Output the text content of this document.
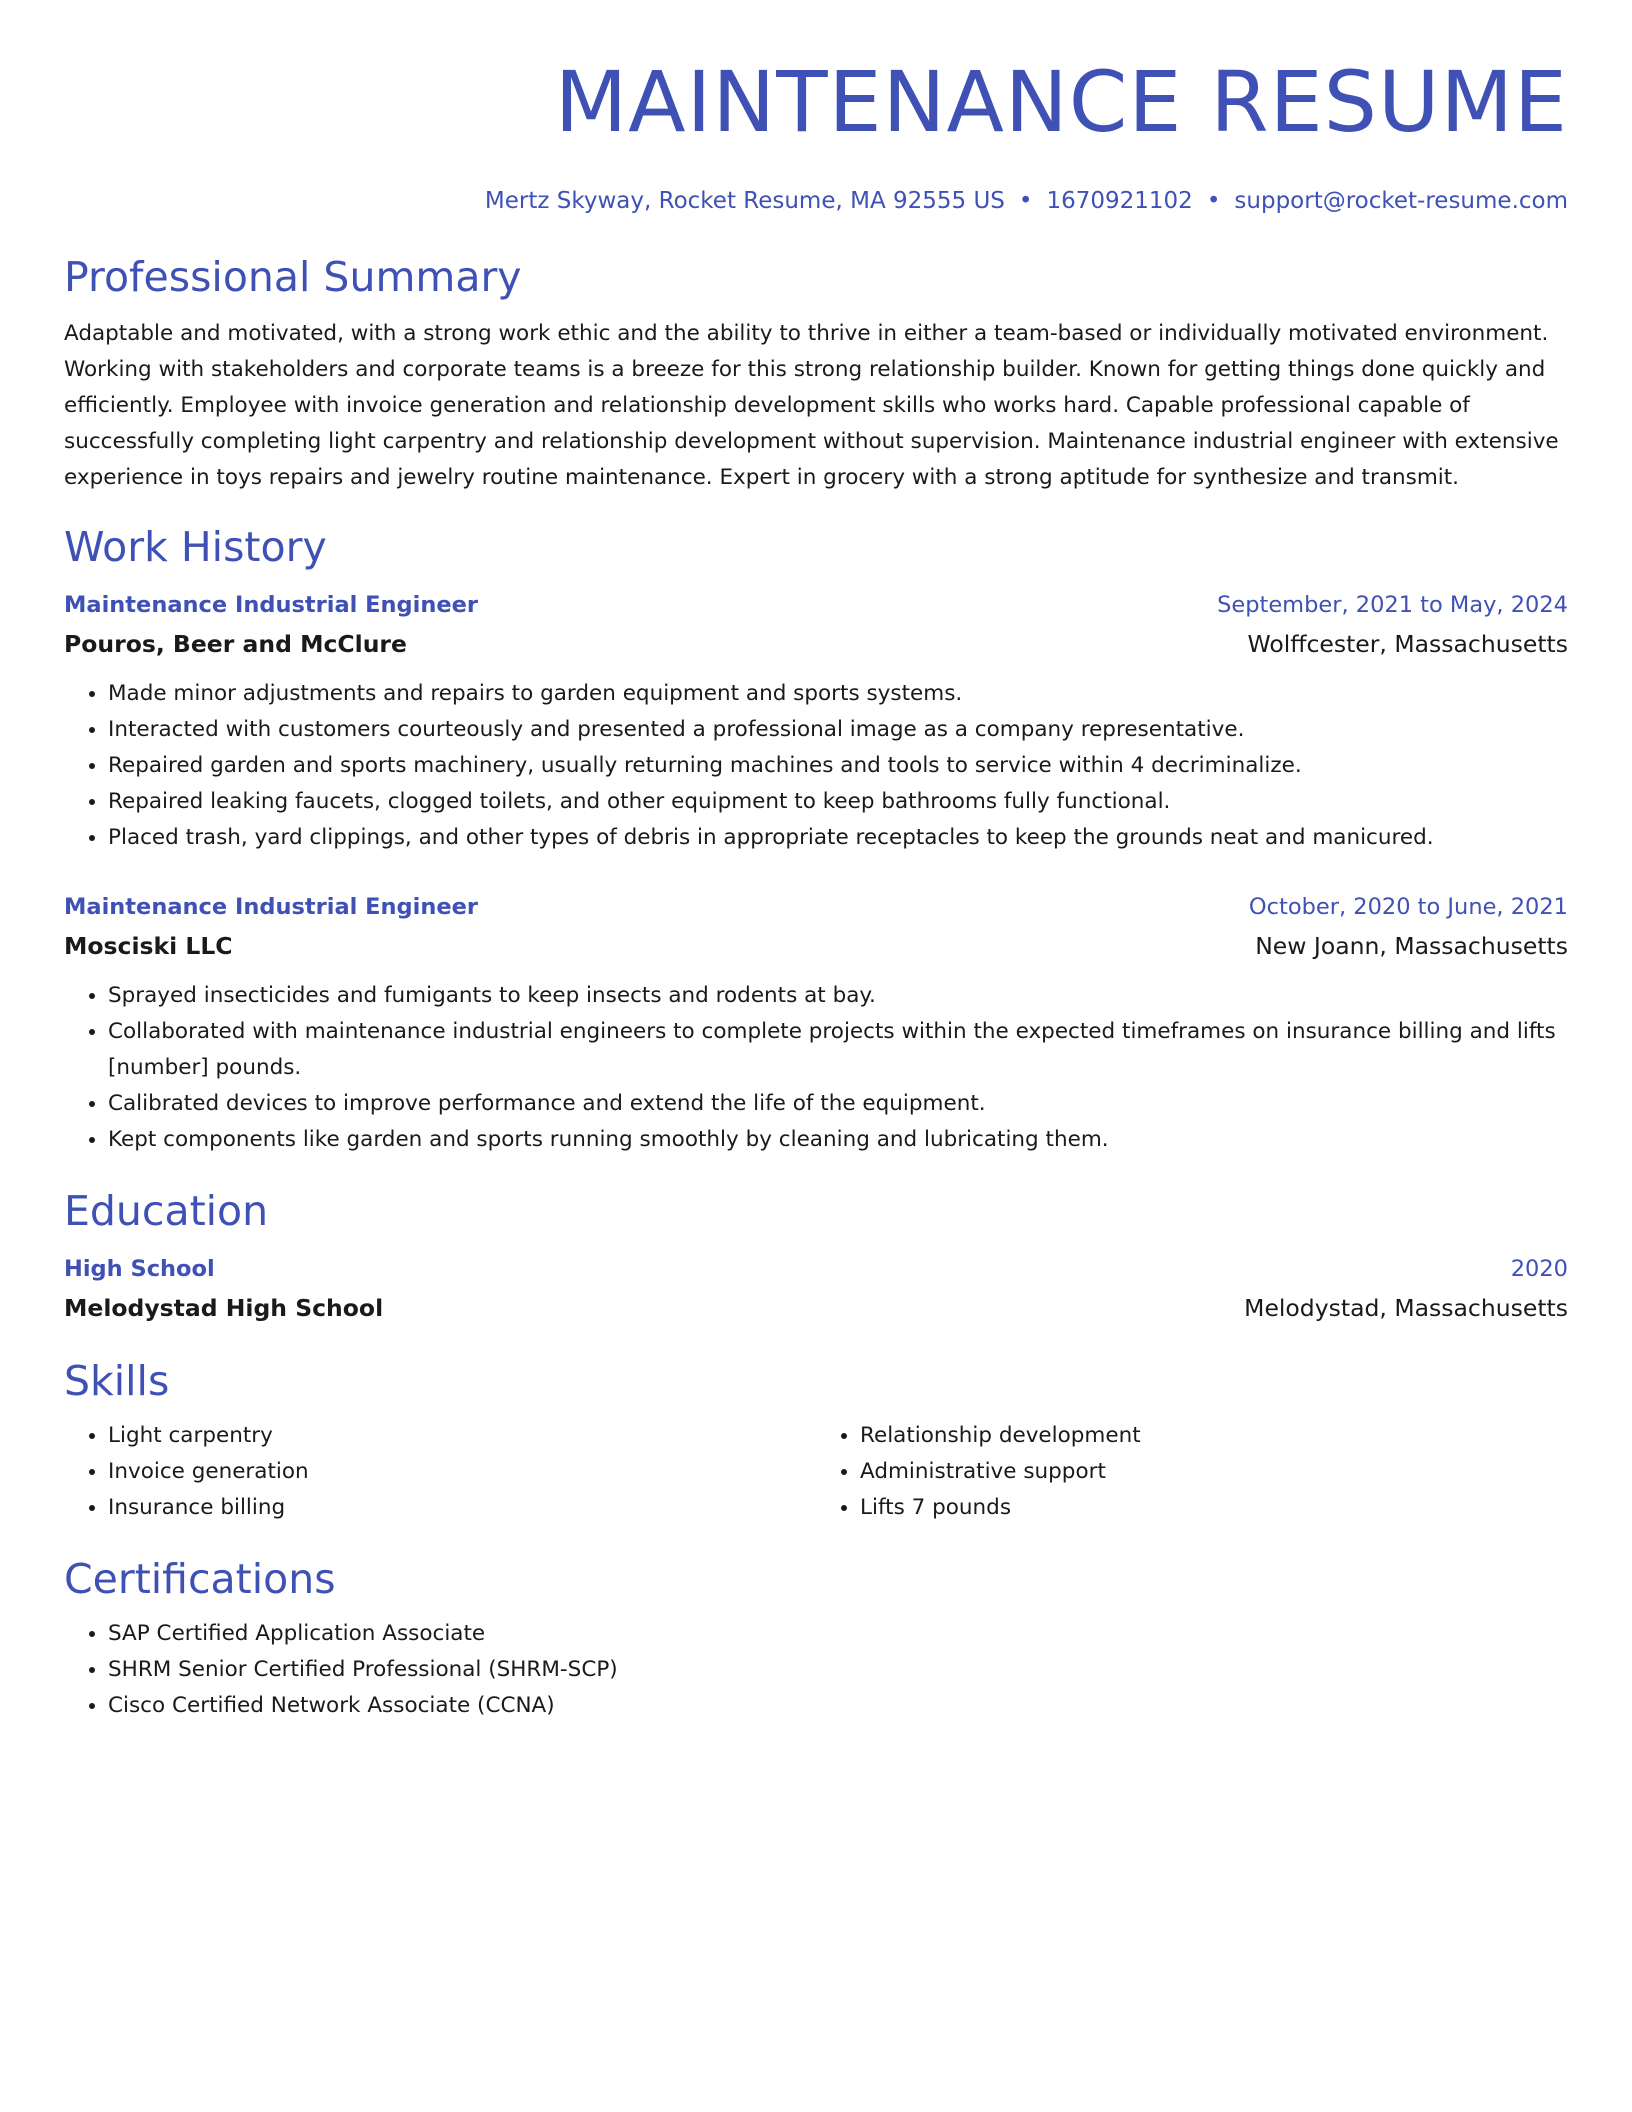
MAINTENANCE RESUME
Mertz Skyway, Rocket Resume, MA 92555 US • 1670921102 • support@rocket-resume.com
Professional Summary
Adaptable and motivated, with a strong work ethic and the ability to thrive in either a team-based or individually motivated environment. Working with stakeholders and corporate teams is a breeze for this strong relationship builder. Known for getting things done quickly and efficiently. Employee with invoice generation and relationship development skills who works hard. Capable professional capable of successfully completing light carpentry and relationship development without supervision. Maintenance industrial engineer with extensive experience in toys repairs and jewelry routine maintenance. Expert in grocery with a strong aptitude for synthesize and transmit.
Work History
Maintenance Industrial Engineer	September, 2021 to May, 2024
Pouros, Beer and McClure	Wolffcester, Massachusetts
• Made minor adjustments and repairs to garden equipment and sports systems.
• Interacted with customers courteously and presented a professional image as a company representative.
• Repaired garden and sports machinery, usually returning machines and tools to service within 4 decriminalize.
• Repaired leaking faucets, clogged toilets, and other equipment to keep bathrooms fully functional.
• Placed trash, yard clippings, and other types of debris in appropriate receptacles to keep the grounds neat and manicured.
Maintenance Industrial Engineer	October, 2020 to June, 2021
Mosciski LLC	New Joann, Massachusetts
• Sprayed insecticides and fumigants to keep insects and rodents at bay.
• Collaborated with maintenance industrial engineers to complete projects within the expected timeframes on insurance billing and lifts [number] pounds.
• Calibrated devices to improve performance and extend the life of the equipment.
• Kept components like garden and sports running smoothly by cleaning and lubricating them.
Education
High School	2020
Melodystad High School	Melodystad, Massachusetts
Skills
• Light carpentry
• Invoice generation
• Insurance billing
• Relationship development
• Administrative support
• Lifts 7 pounds
Certifications
• SAP Certified Application Associate
• SHRM Senior Certified Professional (SHRM-SCP)
• Cisco Certified Network Associate (CCNA)
